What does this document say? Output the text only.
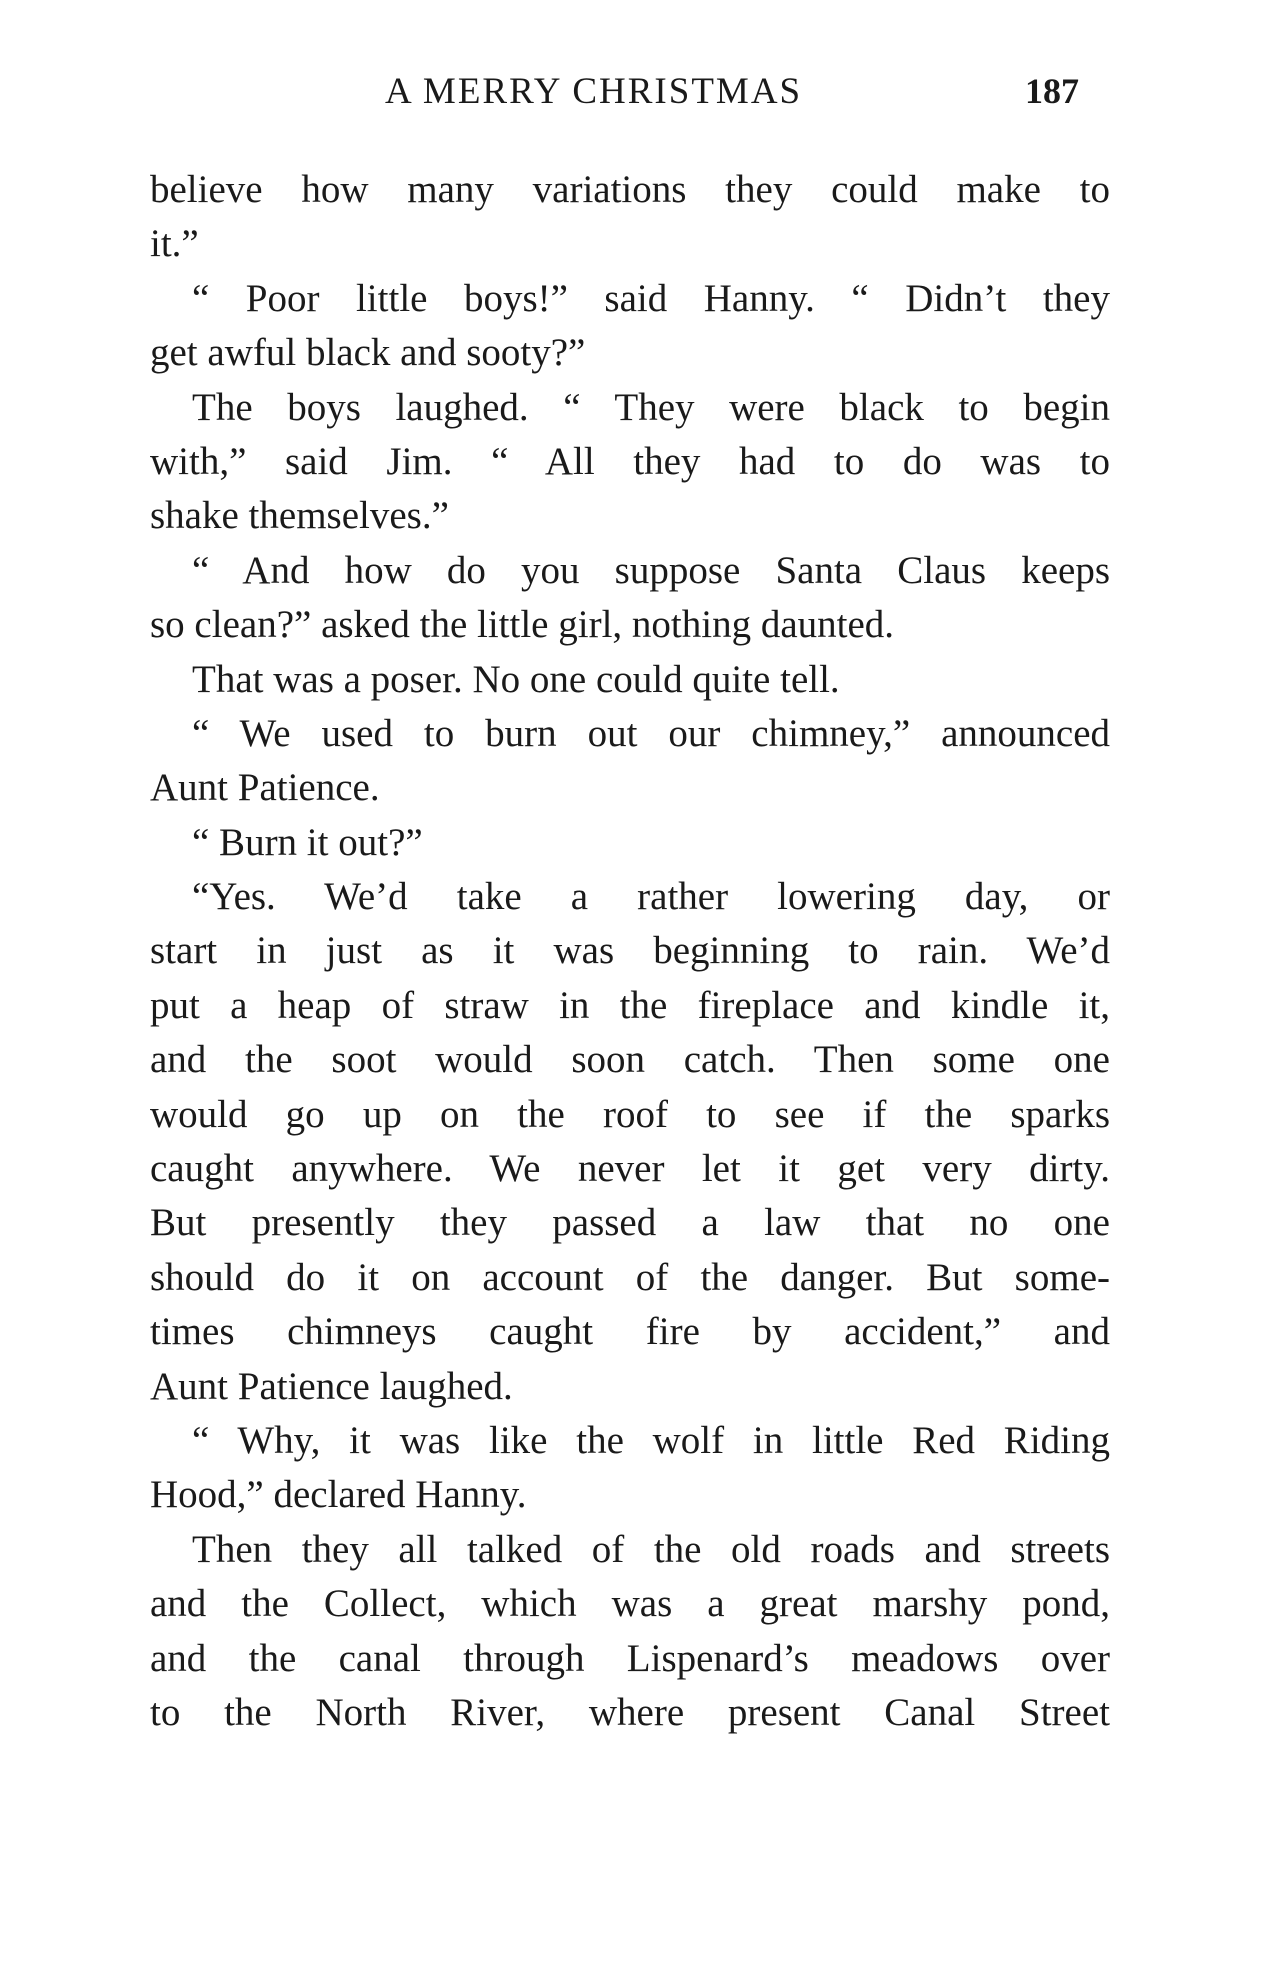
A MERRY CHRISTMAS	187
believe how many variations they could make to
it.”
“ Poor little boys!” said Hanny. “ Didn’t they
get awful black and sooty?”
The boys laughed. “ They were black to begin
with,” said Jim. “ All they had to do was to
shake themselves.”
“ And how do you suppose Santa Claus keeps
so clean?” asked the little girl, nothing daunted.
That was a poser. No one could quite tell.
“ We used to burn out our chimney,” announced
Aunt Patience.
“ Burn it out?”
“Yes. We’d take a rather lowering day, or
start in just as it was beginning to rain. We’d
put a heap of straw in the fireplace and kindle it,
and the soot would soon catch. Then some one
would go up on the roof to see if the sparks
caught anywhere. We never let it get very dirty.
But presently they passed a law that no one
should do it on account of the danger. But some-
times chimneys caught fire by accident,” and
Aunt Patience laughed.
“ Why, it was like the wolf in little Red Riding
Hood,” declared Hanny.
Then they all talked of the old roads and streets
and the Collect, which was a great marshy pond,
and the canal through Lispenard’s meadows over
to the North River, where present Canal Street
